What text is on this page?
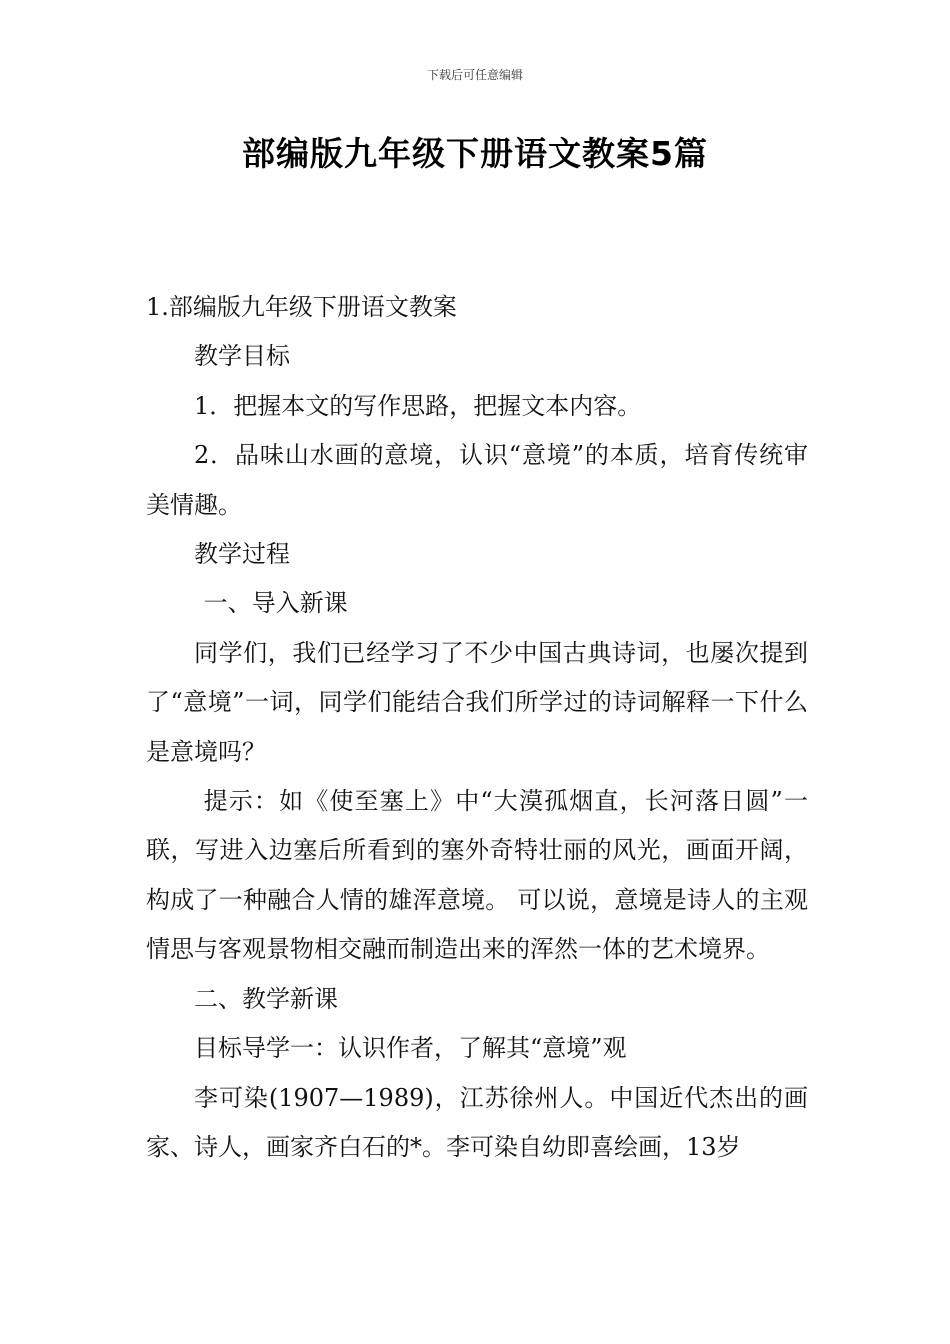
下载后可任意编辑
部编版九年级下册语文教案5篇

1.部编版九年级下册语文教案

教学目标

1．把握本文的写作思路，把握文本内容。

2．品味山水画的意境，认识“意境”的本质，培育传统审美情趣。

教学过程

一、导入新课

同学们，我们已经学习了不少中国古典诗词，也屡次提到了“意境”一词，同学们能结合我们所学过的诗词解释一下什么是意境吗？

提示：如《使至塞上》中“大漠孤烟直，长河落日圆”一联，写进入边塞后所看到的塞外奇特壮丽的风光，画面开阔，构成了一种融合人情的雄浑意境。 可以说，意境是诗人的主观情思与客观景物相交融而制造出来的浑然一体的艺术境界。

二、教学新课

目标导学一：认识作者，了解其“意境”观

李可染(1907—1989)，江苏徐州人。中国近代杰出的画家、诗人，画家齐白石的*。李可染自幼即喜绘画，13岁
